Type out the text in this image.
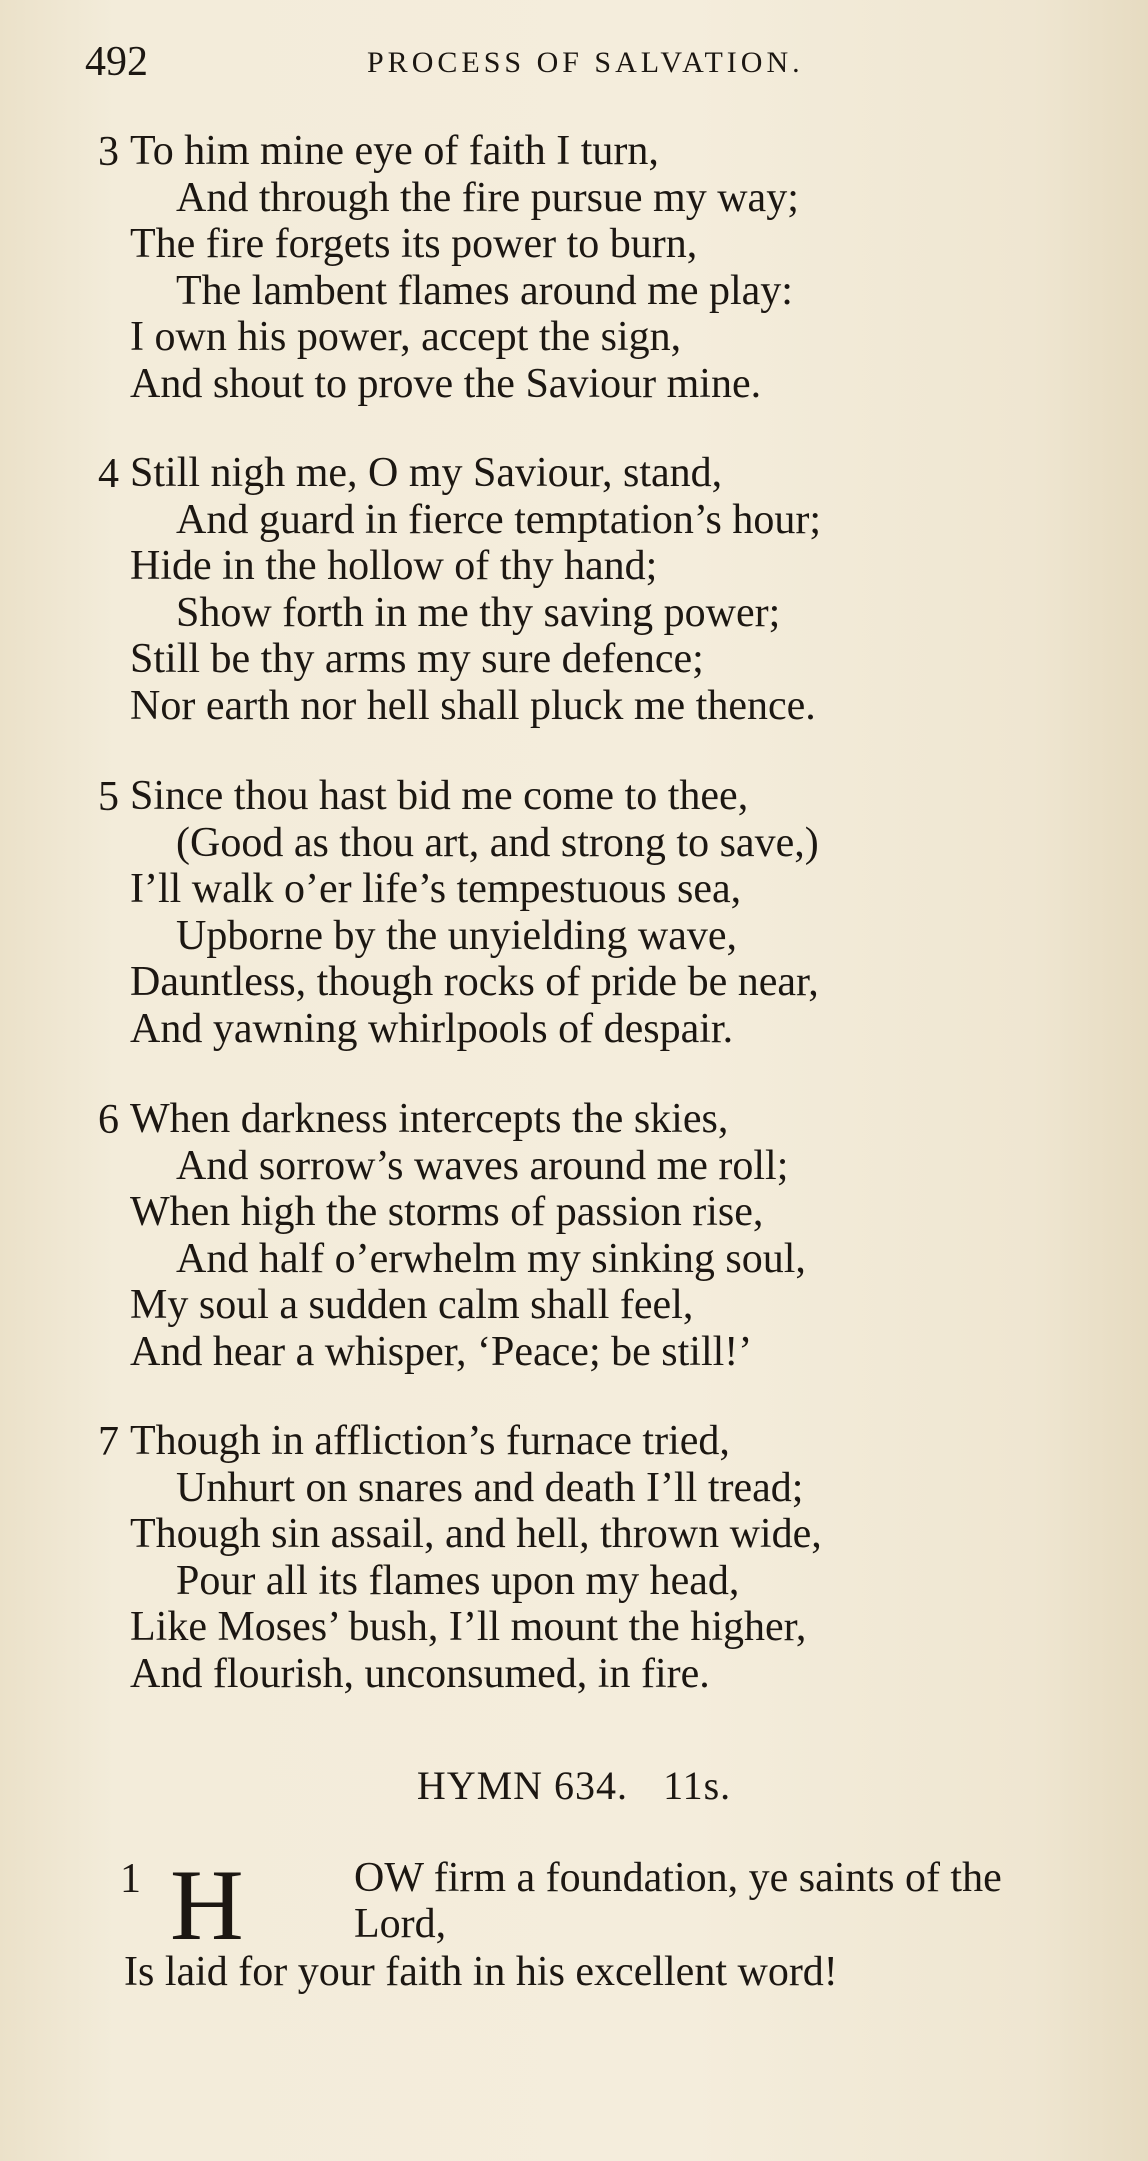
492	PROCESS OF SALVATION.
3 To him mine eye of faith I turn,
And through the fire pursue my way;
The fire forgets its power to burn,
The lambent flames around me play:
I own his power, accept the sign,
And shout to prove the Saviour mine.
4 Still nigh me, O my Saviour, stand,
And guard in fierce temptation’s hour;
Hide in the hollow of thy hand;
Show forth in me thy saving power;
Still be thy arms my sure defence;
Nor earth nor hell shall pluck me thence.
5 Since thou hast bid me come to thee,
(Good as thou art, and strong to save,)
I’ll walk o’er life’s tempestuous sea,
Upborne by the unyielding wave,
Dauntless, though rocks of pride be near,
And yawning whirlpools of despair.
6 When darkness intercepts the skies,
And sorrow’s waves around me roll;
When high the storms of passion rise,
And half o’erwhelm my sinking soul,
My soul a sudden calm shall feel,
And hear a whisper, ‘Peace; be still!’
7 Though in affliction’s furnace tried,
Unhurt on snares and death I’ll tread;
Though sin assail, and hell, thrown wide,
Pour all its flames upon my head,
Like Moses’ bush, I’ll mount the higher,
And flourish, unconsumed, in fire.
HYMN 634. 11s.
1 H	OW firm a foundation, ye saints of the
Lord,
Is laid for your faith in his excellent word!
